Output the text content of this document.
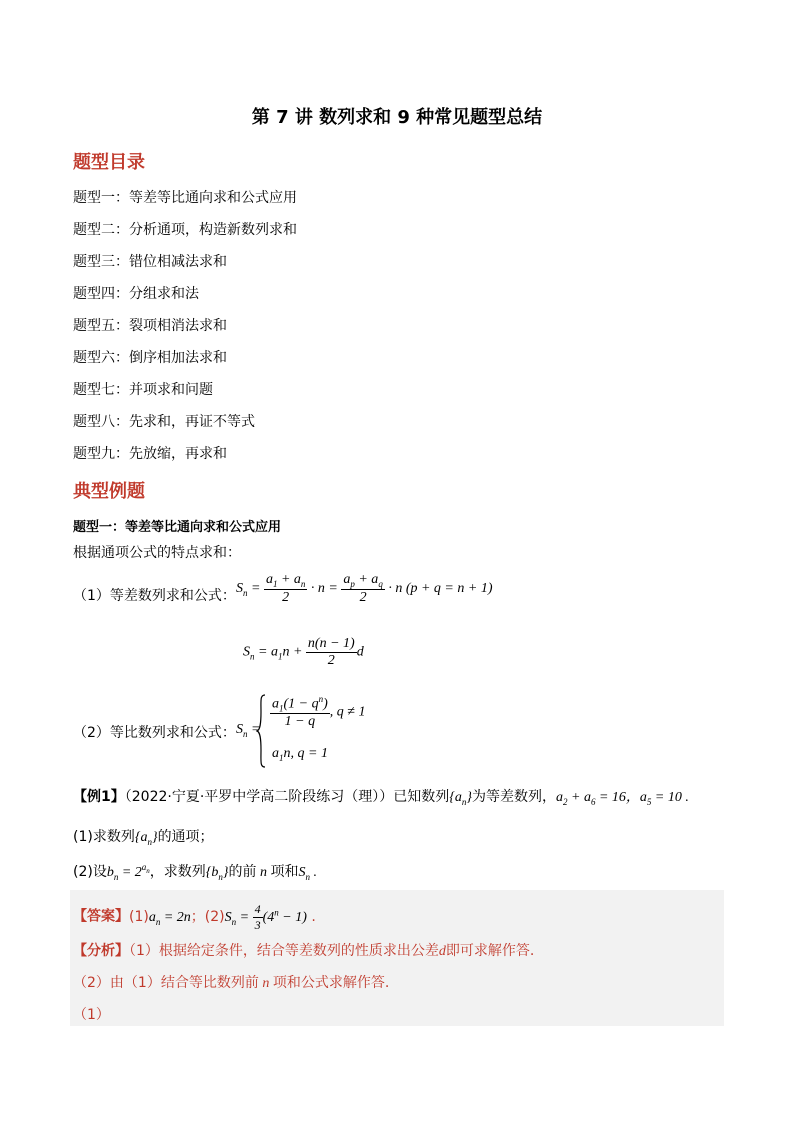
第 7 讲 数列求和 9 种常见题型总结
题型目录
题型一：等差等比通向求和公式应用
题型二：分析通项，构造新数列求和
题型三：错位相减法求和
题型四：分组求和法
题型五：裂项相消法求和
题型六：倒序相加法求和
题型七：并项求和问题
题型八：先求和，再证不等式
题型九：先放缩，再求和
典型例题
题型一：等差等比通向求和公式应用
根据通项公式的特点求和：
（1）等差数列求和公式： $S_n = \frac{a_1 + a_n}{2} \cdot n = \frac{a_p + a_q}{2} \cdot n$ (p + q = n + 1)
$S_n = a_1n + \frac{n(n - 1)}{2}$ d
（2）等比数列求和公式： $S_n = \frac{a_1(1 - q^n)}{1 - q}$ , q ≠ 1
$a_1n$, q = 1
【例1】（2022·宁夏·平罗中学高二阶段练习（理））已知数列$\{a_n\}$为等差数列，$a_2 + a_6 = 16$，$a_5 = 10$ .
(1)求数列$\{a_n\}$的通项；
(2)设$b_n = 2^{a_n}$，求数列$\{b_n\}$的前 n 项和$S_n$ .
【答案】$(1)a_n = 2n$；$(2)S_n = \frac{4}{3} (4^n - 1)$ .
【分析】（1）根据给定条件，结合等差数列的性质求出公差d即可求解作答.
（2）由（1）结合等比数列前 n 项和公式求解作答.
（1）
